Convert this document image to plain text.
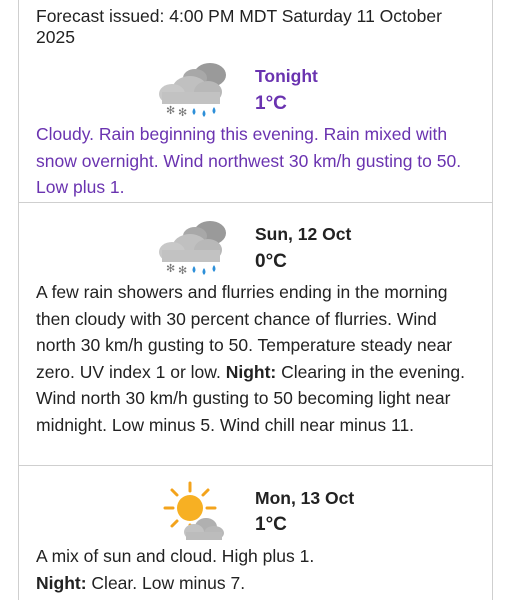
Forecast issued: 4:00 PM MDT Saturday 11 October 2025
✻ ✻
Tonight
1°C
Cloudy. Rain beginning this evening. Rain mixed with snow overnight. Wind northwest 30 km/h gusting to 50. Low plus 1.
✻ ✻
Sun, 12 Oct
0°C
A few rain showers and flurries ending in the morning then cloudy with 30 percent chance of flurries. Wind north 30 km/h gusting to 50. Temperature steady near zero. UV index 1 or low. Night: Clearing in the evening. Wind north 30 km/h gusting to 50 becoming light near midnight. Low minus 5. Wind chill near minus 11.
Mon, 13 Oct
1°C
A mix of sun and cloud. High plus 1.
Night: Clear. Low minus 7.
